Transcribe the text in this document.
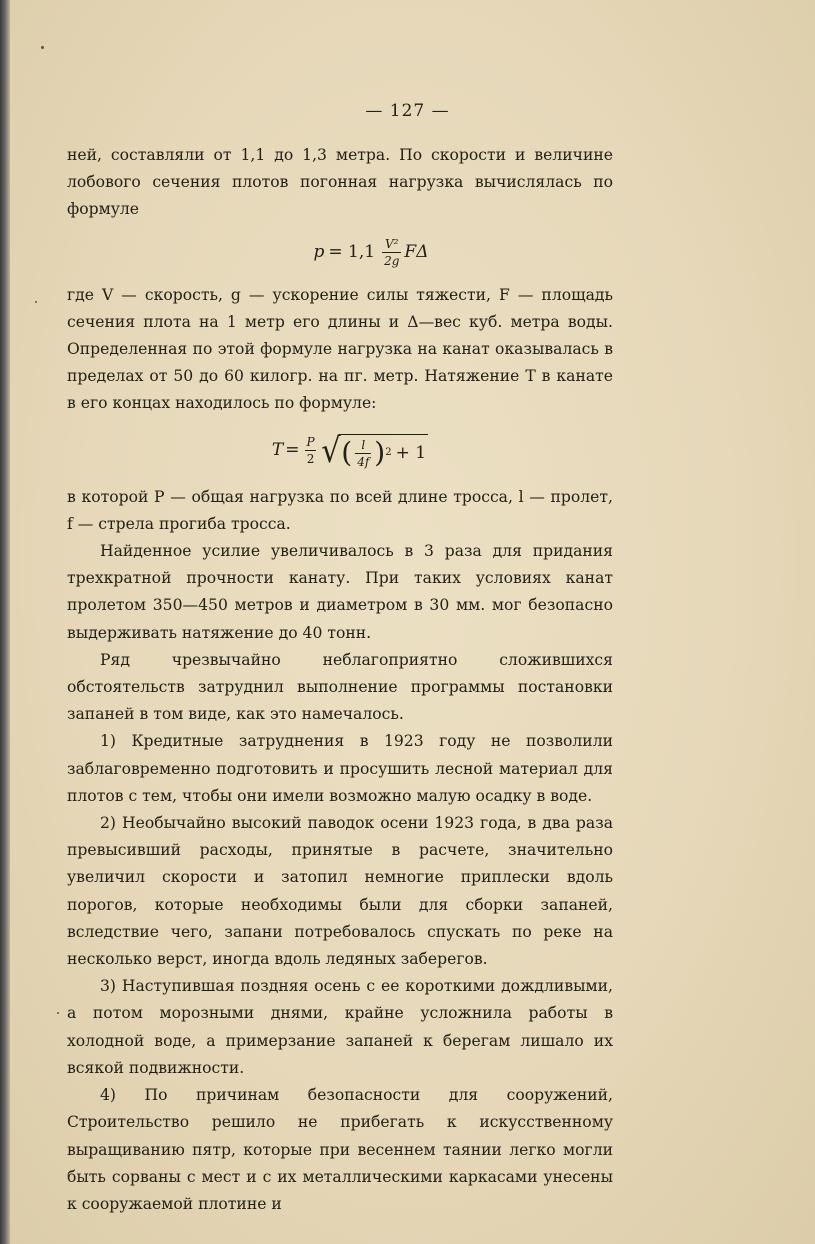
— 127 —

ней, составляли от 1,1 до 1,3 метра. По скорости и величине лобового сечения плотов погонная нагрузка вычислялась по формуле

$p = 1,1 \frac{\text{V²}}{2g}$ FΔ

где V — скорость, g — ускорение силы тяжести, F — площадь сечения плота на 1 метр его длины и Δ—вес куб. метра воды. Определенная по этой формуле нагрузка на канат оказывалась в пределах от 50 до 60 килогр. на пг. метр. Натяжение T в канате в его концах находилось по формуле:

$T = \frac{P}{2}$ √ ( $\frac{l}{4f}$ ) 2 + 1

в которой P — общая нагрузка по всей длине тросса, l — пролет, f — стрела прогиба тросса.

Найденное усилие увеличивалось в 3 раза для придания трехкратной прочности канату. При таких условиях канат пролетом 350—450 метров и диаметром в 30 мм. мог безопасно выдерживать натяжение до 40 тонн.

Ряд чрезвычайно неблагоприятно сложившихся обстоятельств затруднил выполнение программы постановки запаней в том виде, как это намечалось.

1) Кредитные затруднения в 1923 году не позволили заблаговременно подготовить и просушить лесной материал для плотов с тем, чтобы они имели возможно малую осадку в воде.

2) Необычайно высокий паводок осени 1923 года, в два раза превысивший расходы, принятые в расчете, значительно увеличил скорости и затопил немногие приплески вдоль порогов, которые необходимы были для сборки запаней, вследствие чего, запани потребовалось спускать по реке на несколько верст, иногда вдоль ледяных заберегов.

3) Наступившая поздняя осень с ее короткими дождливыми, а потом морозными днями, крайне усложнила работы в холодной воде, а примерзание запаней к берегам лишало их всякой подвижности.

4) По причинам безопасности для сооружений, Строительство решило не прибегать к искусственному выращиванию пятр, которые при весеннем таянии легко могли быть сорваны с мест и с их металлическими каркасами унесены к сооружаемой плотине и
